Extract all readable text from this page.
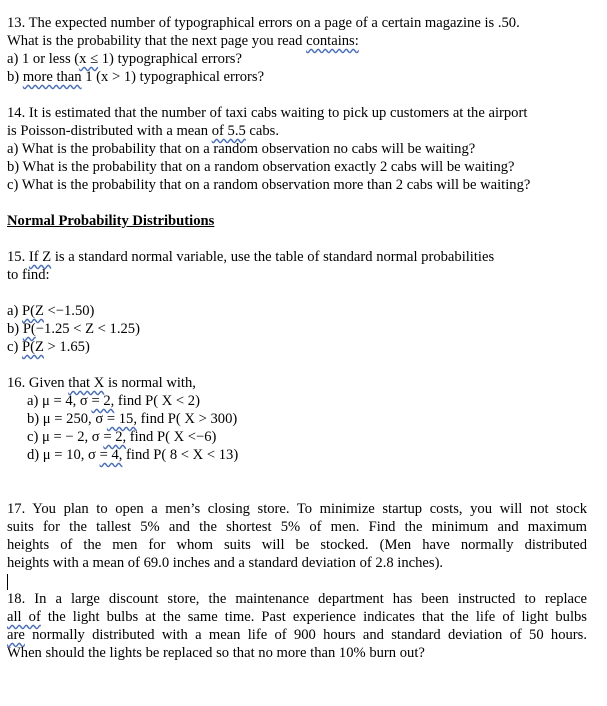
13. The expected number of typographical errors on a page of a certain magazine is .50.
What is the probability that the next page you read contains:
a) 1 or less (x ≤ 1) typographical errors?
b) more than 1 (x > 1) typographical errors?
14. It is estimated that the number of taxi cabs waiting to pick up customers at the airport
is Poisson-distributed with a mean of 5.5 cabs.
a) What is the probability that on a random observation no cabs will be waiting?
b) What is the probability that on a random observation exactly 2 cabs will be waiting?
c) What is the probability that on a random observation more than 2 cabs will be waiting?
Normal Probability Distributions
15. If Z is a standard normal variable, use the table of standard normal probabilities
to find:
a) P(Z <−1.50)
b) P(−1.25 < Z < 1.25)
c) P(Z > 1.65)
16. Given that X is normal with,
a) μ = 4, σ = 2, find P( X < 2)
b) μ = 250, σ = 15, find P( X > 300)
c) μ = − 2, σ = 2, find P( X <−6)
d) μ = 10, σ = 4, find P( 8 < X < 13)
17. You plan to open a men’s closing store. To minimize startup costs, you will not stock
suits for the tallest 5% and the shortest 5% of men. Find the minimum and maximum
heights of the men for whom suits will be stocked. (Men have normally distributed
heights with a mean of 69.0 inches and a standard deviation of 2.8 inches).
18. In a large discount store, the maintenance department has been instructed to replace
all of the light bulbs at the same time. Past experience indicates that the life of light bulbs
are normally distributed with a mean life of 900 hours and standard deviation of 50 hours.
When should the lights be replaced so that no more than 10% burn out?
